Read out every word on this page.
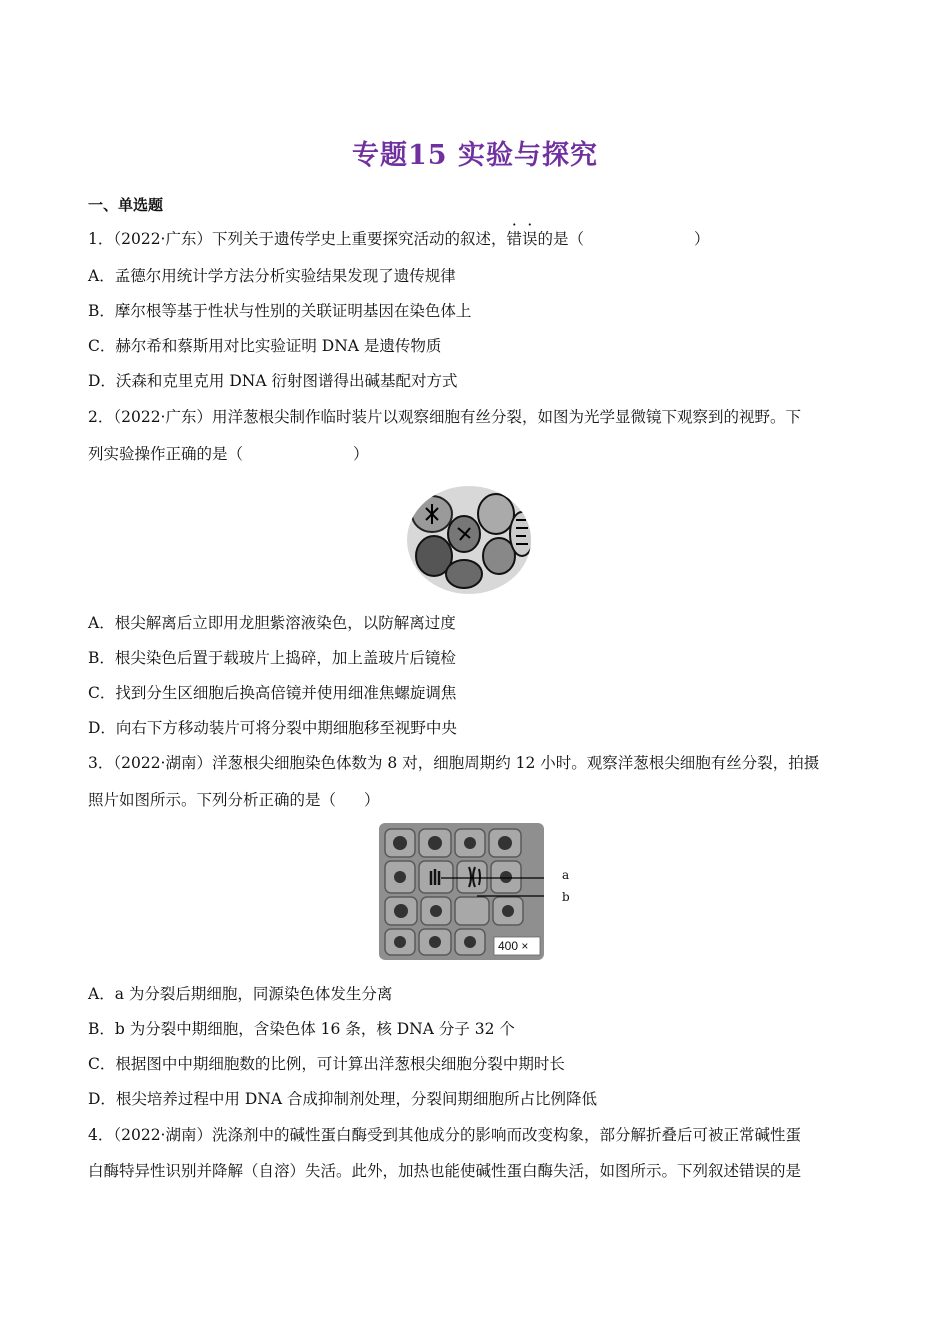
专题15 实验与探究
一、单选题
1．（2022·广东）下列关于遗传学史上重要探究活动的叙述，错误的是（	）
A．孟德尔用统计学方法分析实验结果发现了遗传规律
B．摩尔根等基于性状与性别的关联证明基因在染色体上
C．赫尔希和蔡斯用对比实验证明 DNA 是遗传物质
D．沃森和克里克用 DNA 衍射图谱得出碱基配对方式
2．（2022·广东）用洋葱根尖制作临时装片以观察细胞有丝分裂，如图为光学显微镜下观察到的视野。下
列实验操作正确的是（	）
A．根尖解离后立即用龙胆紫溶液染色，以防解离过度
B．根尖染色后置于载玻片上捣碎，加上盖玻片后镜检
C．找到分生区细胞后换高倍镜并使用细准焦螺旋调焦
D．向右下方移动装片可将分裂中期细胞移至视野中央
3．（2022·湖南）洋葱根尖细胞染色体数为 8 对，细胞周期约 12 小时。观察洋葱根尖细胞有丝分裂，拍摄
照片如图所示。下列分析正确的是（ ）
a
b
400 ×
A．a 为分裂后期细胞，同源染色体发生分离
B．b 为分裂中期细胞，含染色体 16 条，核 DNA 分子 32 个
C．根据图中中期细胞数的比例，可计算出洋葱根尖细胞分裂中期时长
D．根尖培养过程中用 DNA 合成抑制剂处理，分裂间期细胞所占比例降低
4．（2022·湖南）洗涤剂中的碱性蛋白酶受到其他成分的影响而改变构象，部分解折叠后可被正常碱性蛋
白酶特异性识别并降解（自溶）失活。此外，加热也能使碱性蛋白酶失活，如图所示。下列叙述错误的是
